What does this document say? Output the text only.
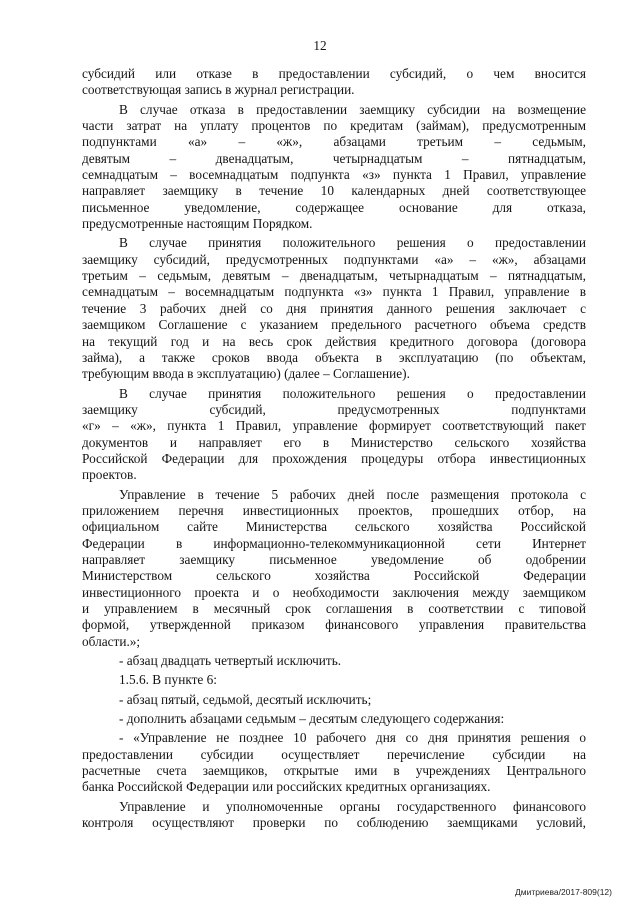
12
субсидий или отказе в предоставлении субсидий, о чем вносится
соответствующая запись в журнал регистрации.
В случае отказа в предоставлении заемщику субсидии на возмещение
части затрат на уплату процентов по кредитам (займам), предусмотренным
подпунктами «а» – «ж», абзацами третьим – седьмым,
девятым – двенадцатым, четырнадцатым – пятнадцатым,
семнадцатым – восемнадцатым подпункта «з» пункта 1 Правил, управление
направляет заемщику в течение 10 календарных дней соответствующее
письменное уведомление, содержащее основание для отказа,
предусмотренные настоящим Порядком.
В случае принятия положительного решения о предоставлении
заемщику субсидий, предусмотренных подпунктами «а» – «ж», абзацами
третьим – седьмым, девятым – двенадцатым, четырнадцатым – пятнадцатым,
семнадцатым – восемнадцатым подпункта «з» пункта 1 Правил, управление в
течение 3 рабочих дней со дня принятия данного решения заключает с
заемщиком Соглашение с указанием предельного расчетного объема средств
на текущий год и на весь срок действия кредитного договора (договора
займа), а также сроков ввода объекта в эксплуатацию (по объектам,
требующим ввода в эксплуатацию) (далее – Соглашение).
В случае принятия положительного решения о предоставлении
заемщику субсидий, предусмотренных подпунктами
«г» – «ж», пункта 1 Правил, управление формирует соответствующий пакет
документов и направляет его в Министерство сельского хозяйства
Российской Федерации для прохождения процедуры отбора инвестиционных
проектов.
Управление в течение 5 рабочих дней после размещения протокола с
приложением перечня инвестиционных проектов, прошедших отбор, на
официальном сайте Министерства сельского хозяйства Российской
Федерации в информационно-телекоммуникационной сети Интернет
направляет заемщику письменное уведомление об одобрении
Министерством сельского хозяйства Российской Федерации
инвестиционного проекта и о необходимости заключения между заемщиком
и управлением в месячный срок соглашения в соответствии с типовой
формой, утвержденной приказом финансового управления правительства
области.»;
- абзац двадцать четвертый исключить.
1.5.6. В пункте 6:
- абзац пятый, седьмой, десятый исключить;
- дополнить абзацами седьмым – десятым следующего содержания:
- «Управление не позднее 10 рабочего дня со дня принятия решения о
предоставлении субсидии осуществляет перечисление субсидии на
расчетные счета заемщиков, открытые ими в учреждениях Центрального
банка Российской Федерации или российских кредитных организациях.
Управление и уполномоченные органы государственного финансового
контроля осуществляют проверки по соблюдению заемщиками условий,
Дмитриева/2017-809(12)
